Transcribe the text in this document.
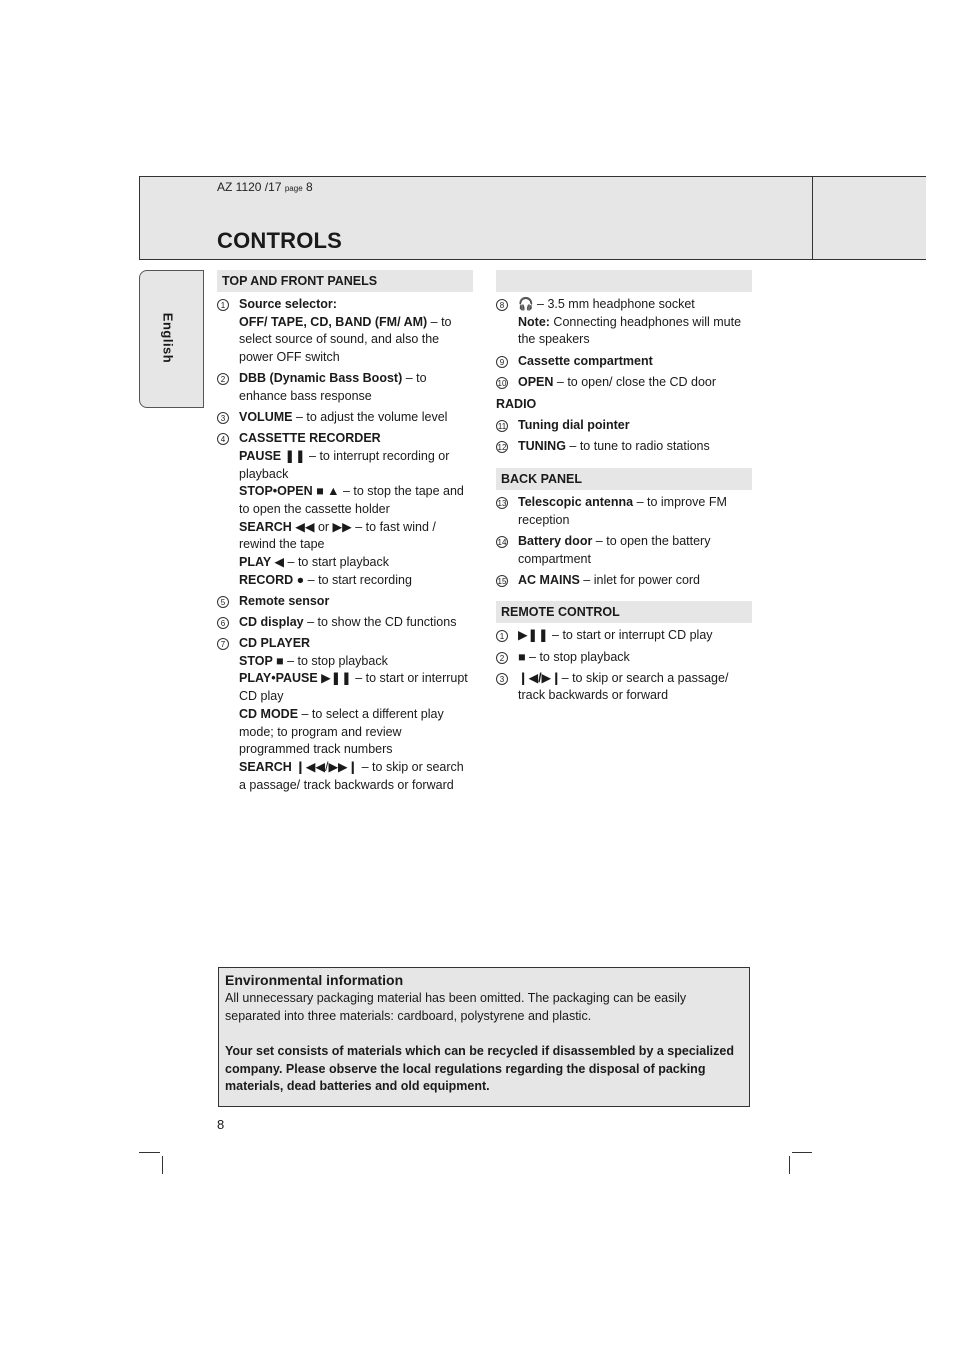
AZ 1120 /17 page 8
CONTROLS
English
TOP AND FRONT PANELS
1	Source selector:
OFF/ TAPE, CD, BAND (FM/ AM) – to select source of sound, and also the power OFF switch
2	DBB (Dynamic Bass Boost) – to enhance bass response
3	VOLUME – to adjust the volume level
4	CASSETTE RECORDER
PAUSE ❚❚ – to interrupt recording or playback
STOP•OPEN ■ ▲ – to stop the tape and to open the cassette holder
SEARCH ◀◀ or ▶▶ – to fast wind / rewind the tape
PLAY ◀ – to start playback
RECORD ● – to start recording
5	Remote sensor
6	CD display – to show the CD functions
7	CD PLAYER
STOP ■ – to stop playback
PLAY•PAUSE ▶❚❚ – to start or interrupt CD play
CD MODE – to select a different play mode; to program and review programmed track numbers
SEARCH ❙◀◀/▶▶❙ – to skip or search a passage/ track backwards or forward
8	🎧 – 3.5 mm headphone socket
Note: Connecting headphones will mute the speakers
9	Cassette compartment
10 OPEN – to open/ close the CD door
RADIO
11 Tuning dial pointer
12 TUNING – to tune to radio stations
BACK PANEL
13 Telescopic antenna – to improve FM reception
14 Battery door – to open the battery compartment
15 AC MAINS – inlet for power cord
REMOTE CONTROL
1	▶❚❚ – to start or interrupt CD play
2	■ – to stop playback
3	❙◀/▶❙– to skip or search a passage/ track backwards or forward
Environmental information

All unnecessary packaging material has been omitted. The packaging can be easily separated into three materials: cardboard, polystyrene and plastic.

Your set consists of materials which can be recycled if disassembled by a specialized company. Please observe the local regulations regarding the disposal of packing materials, dead batteries and old equipment.

8
